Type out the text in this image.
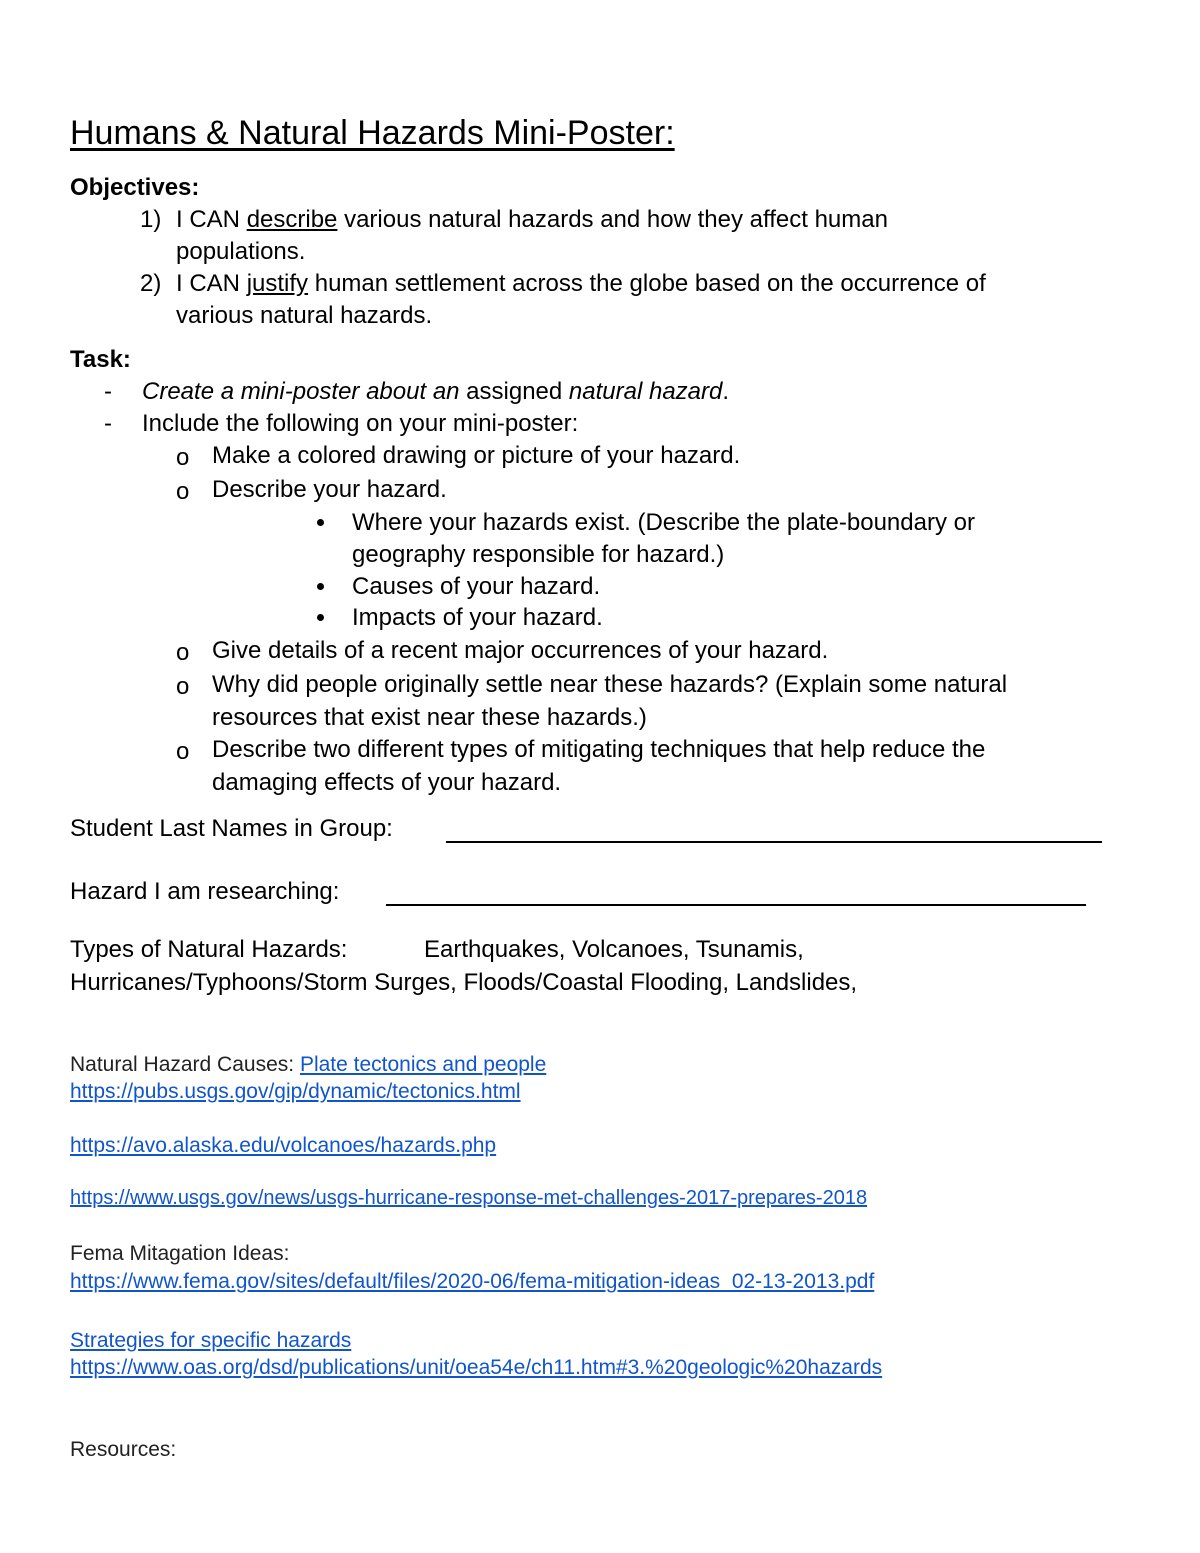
Humans & Natural Hazards Mini-Poster:
Objectives:
1) I CAN describe various natural hazards and how they affect human
populations.
2) I CAN justify human settlement across the globe based on the occurrence of
various natural hazards.
Task:
- Create a mini-poster about an assigned natural hazard.
- Include the following on your mini-poster:
o Make a colored drawing or picture of your hazard.
o Describe your hazard.
Where your hazards exist. (Describe the plate-boundary or
geography responsible for hazard.)
Causes of your hazard.
Impacts of your hazard.
o Give details of a recent major occurrences of your hazard.
o Why did people originally settle near these hazards? (Explain some natural
resources that exist near these hazards.)
o Describe two different types of mitigating techniques that help reduce the
damaging effects of your hazard.
Student Last Names in Group:
Hazard I am researching:
Types of Natural Hazards:	Earthquakes, Volcanoes, Tsunamis,
Hurricanes/Typhoons/Storm Surges, Floods/Coastal Flooding, Landslides,
Natural Hazard Causes: Plate tectonics and people
https://pubs.usgs.gov/gip/dynamic/tectonics.html
https://avo.alaska.edu/volcanoes/hazards.php
https://www.usgs.gov/news/usgs-hurricane-response-met-challenges-2017-prepares-2018
Fema Mitagation Ideas:
https://www.fema.gov/sites/default/files/2020-06/fema-mitigation-ideas_02-13-2013.pdf
Strategies for specific hazards
https://www.oas.org/dsd/publications/unit/oea54e/ch11.htm#3.%20geologic%20hazards
Resources:
